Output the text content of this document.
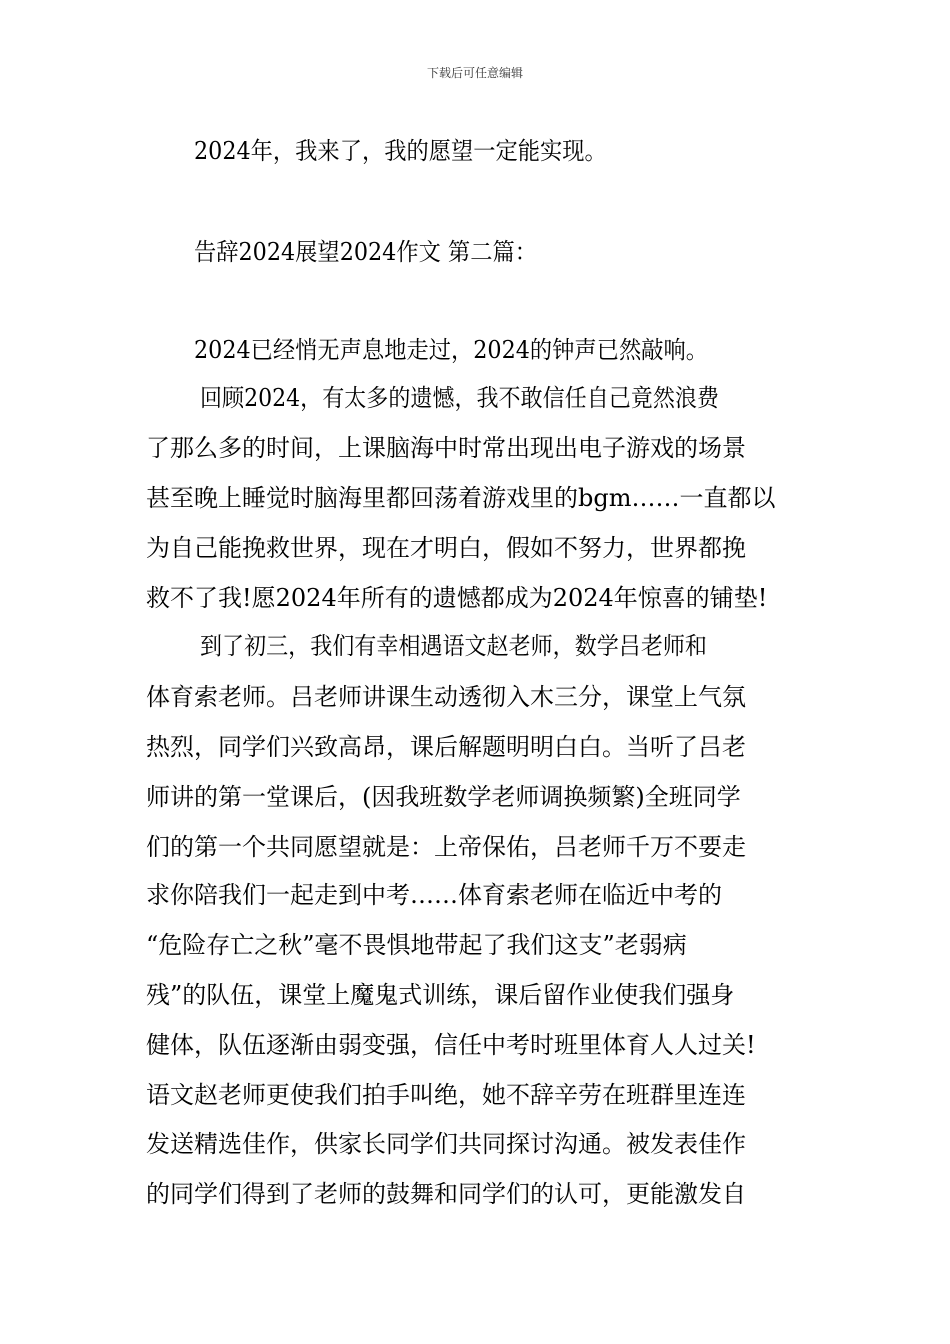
下载后可任意编辑
2024年，我来了，我的愿望一定能实现。
告辞2024展望2024作文 第二篇：
2024已经悄无声息地走过，2024的钟声已然敲响。
回顾2024，有太多的遗憾，我不敢信任自己竟然浪费
了那么多的时间，上课脑海中时常出现出电子游戏的场景
甚至晚上睡觉时脑海里都回荡着游戏里的bgm……一直都以
为自己能挽救世界，现在才明白，假如不努力，世界都挽
救不了我!愿2024年所有的遗憾都成为2024年惊喜的铺垫!
到了初三，我们有幸相遇语文赵老师，数学吕老师和
体育索老师。吕老师讲课生动透彻入木三分，课堂上气氛
热烈，同学们兴致高昂，课后解题明明白白。当听了吕老
师讲的第一堂课后，(因我班数学老师调换频繁)全班同学
们的第一个共同愿望就是：上帝保佑，吕老师千万不要走
求你陪我们一起走到中考……体育索老师在临近中考的
“危险存亡之秋”毫不畏惧地带起了我们这支”老弱病
残”的队伍，课堂上魔鬼式训练，课后留作业使我们强身
健体，队伍逐渐由弱变强，信任中考时班里体育人人过关!
语文赵老师更使我们拍手叫绝，她不辞辛劳在班群里连连
发送精选佳作，供家长同学们共同探讨沟通。被发表佳作
的同学们得到了老师的鼓舞和同学们的认可，更能激发自
